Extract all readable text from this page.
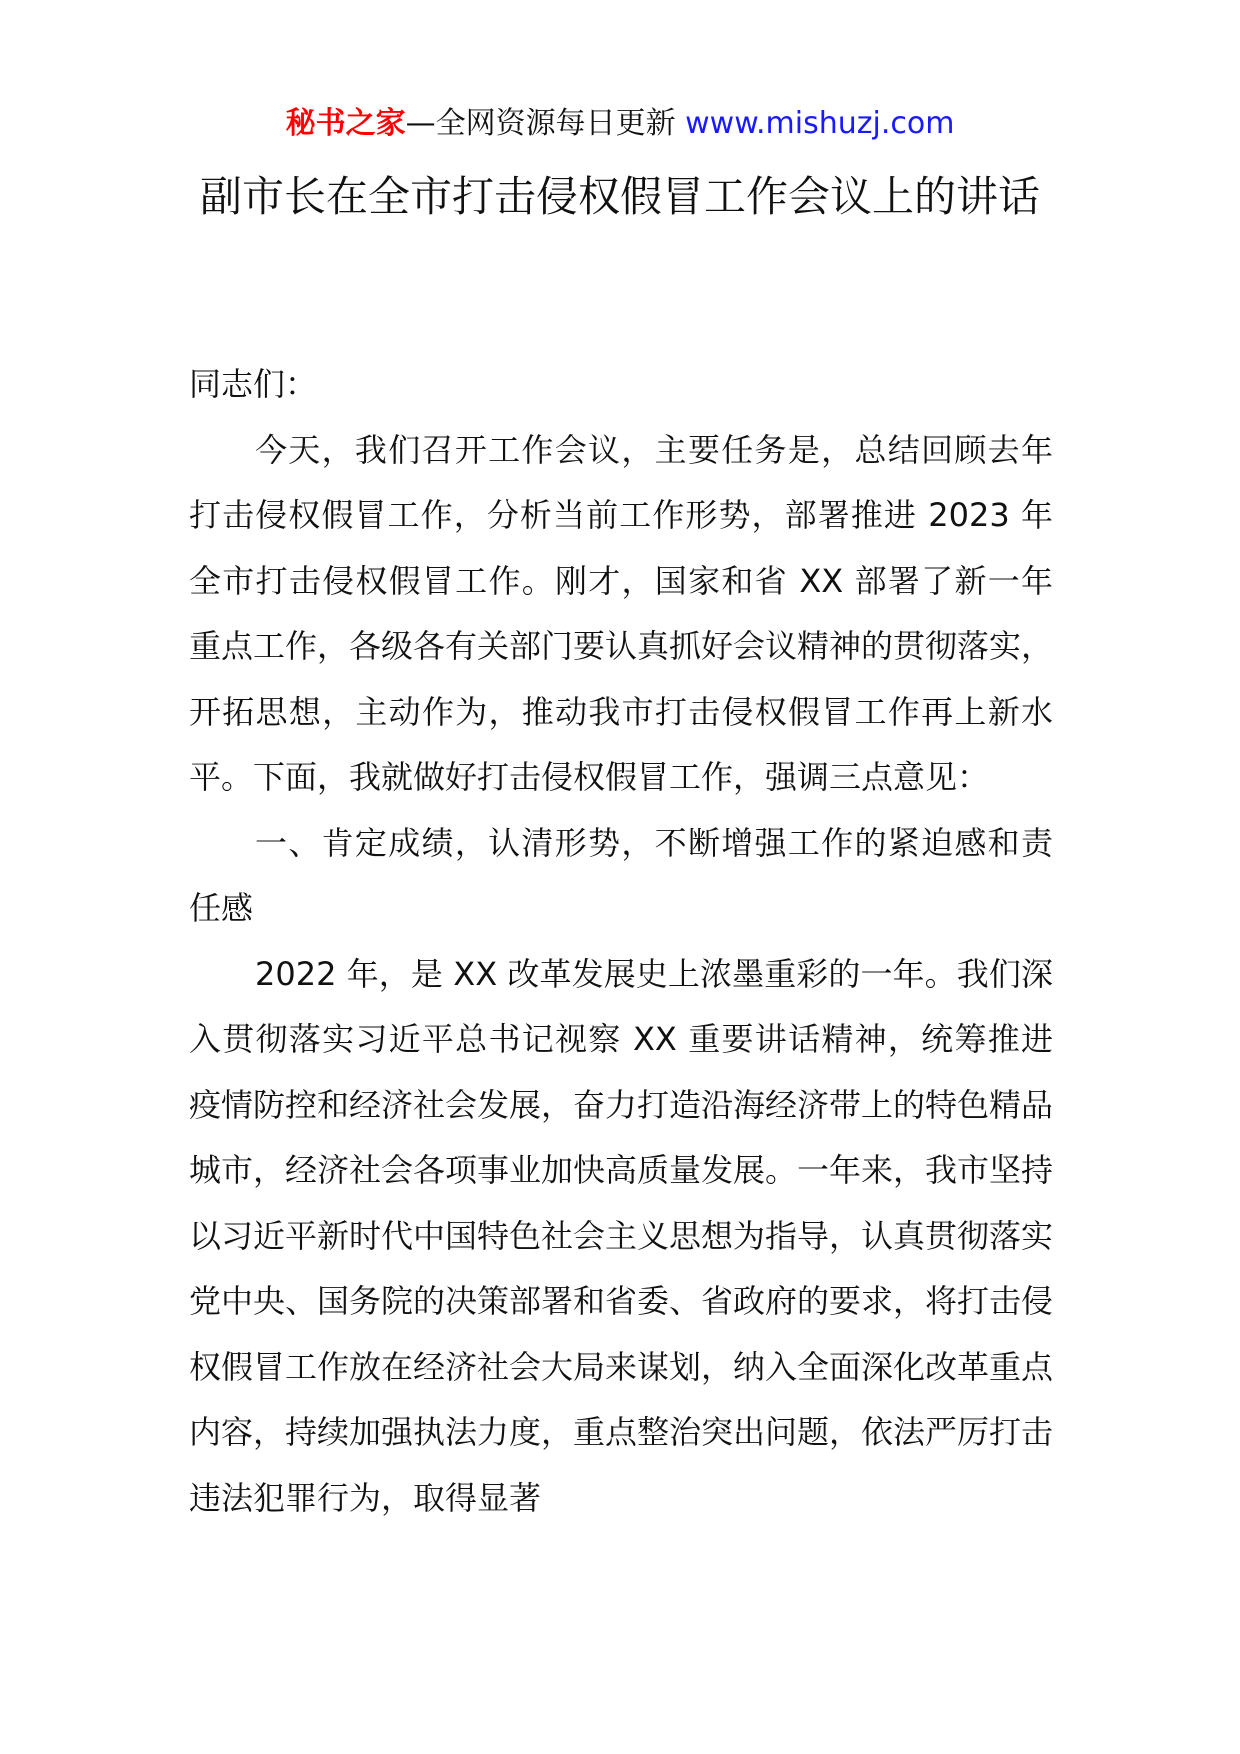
秘书之家—全网资源每日更新 www.mishuzj.com
副市长在全市打击侵权假冒工作会议上的讲话

同志们：

今天，我们召开工作会议，主要任务是，总结回顾去年打击侵权假冒工作，分析当前工作形势，部署推进 2023 年全市打击侵权假冒工作。刚才，国家和省 XX 部署了新一年重点工作，各级各有关部门要认真抓好会议精神的贯彻落实，开拓思想，主动作为，推动我市打击侵权假冒工作再上新水平。下面，我就做好打击侵权假冒工作，强调三点意见：

一、肯定成绩，认清形势，不断增强工作的紧迫感和责任感

2022 年，是 XX 改革发展史上浓墨重彩的一年。我们深入贯彻落实习近平总书记视察 XX 重要讲话精神，统筹推进疫情防控和经济社会发展，奋力打造沿海经济带上的特色精品城市，经济社会各项事业加快高质量发展。一年来，我市坚持以习近平新时代中国特色社会主义思想为指导，认真贯彻落实党中央、国务院的决策部署和省委、省政府的要求，将打击侵权假冒工作放在经济社会大局来谋划，纳入全面深化改革重点内容，持续加强执法力度，重点整治突出问题，依法严厉打击违法犯罪行为，取得显著
